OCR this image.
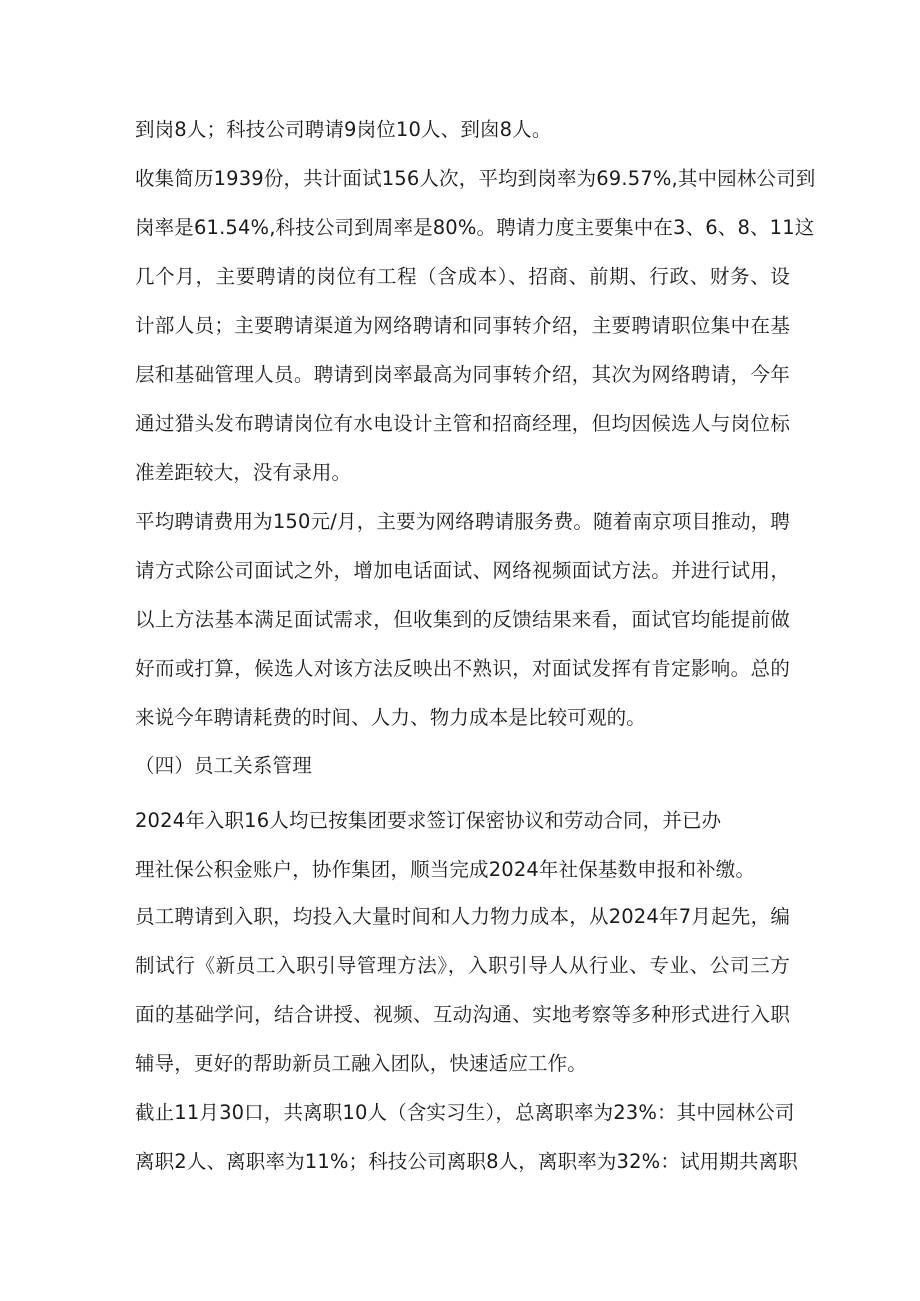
到岗8人；科技公司聘请9岗位10人、到囱8人。
收集简历1939份，共计面试156人次，平均到岗率为69.57%,其中园林公司到
岗率是61.54%,科技公司到周率是80%。聘请力度主要集中在3、6、8、11这
几个月，主要聘请的岗位有工程（含成本）、招商、前期、行政、财务、设
计部人员；主要聘请渠道为网络聘请和同事转介绍，主要聘请职位集中在基
层和基础管理人员。聘请到岗率最高为同事转介绍，其次为网络聘请，今年
通过猎头发布聘请岗位有水电设计主管和招商经理，但均因候选人与岗位标
准差距较大，没有录用。
平均聘请费用为150元/月，主要为网络聘请服务费。随着南京项目推动，聘
请方式除公司面试之外，增加电话面试、网络视频面试方法。并进行试用，
以上方法基本满足面试需求，但收集到的反馈结果来看，面试官均能提前做
好而或打算，候选人对该方法反映出不熟识，对面试发挥有肯定影响。总的
来说今年聘请耗费的时间、人力、物力成本是比较可观的。
（四）员工关系管理
2024年入职16人均已按集团要求签订保密协议和劳动合同，并已办
理社保公积金账户，协作集团，顺当完成2024年社保基数申报和补缴。
员工聘请到入职，均投入大量时间和人力物力成本，从2024年7月起先，编
制试行《新员工入职引导管理方法》，入职引导人从行业、专业、公司三方
面的基础学问，结合讲授、视频、互动沟通、实地考察等多种形式进行入职
辅导，更好的帮助新员工融入团队，快速适应工作。
截止11月30口，共离职10人（含实习生），总离职率为23%：其中园林公司
离职2人、离职率为11%；科技公司离职8人，离职率为32%：试用期共离职
